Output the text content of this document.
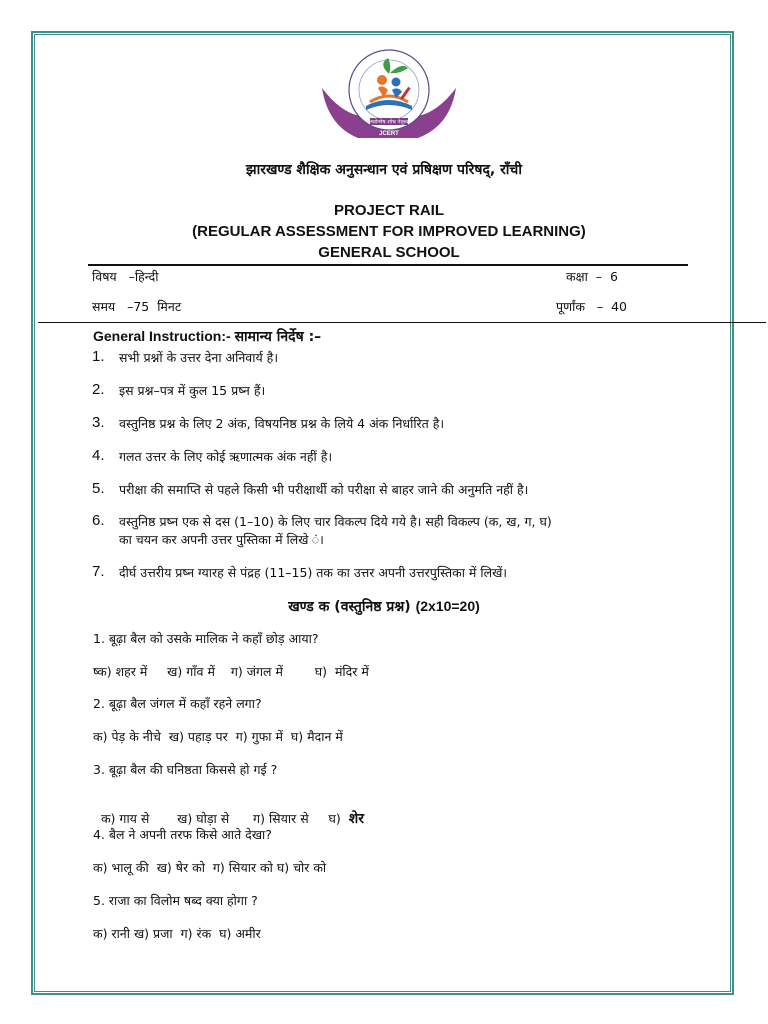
नवोन्मेष शोध नेतृत्व
JCERT
झारखण्ड शैक्षिक अनुसन्धान एवं प्रषिक्षण परिषद्, राँची
PROJECT RAIL
(REGULAR ASSESSMENT FOR IMPROVED LEARNING)
GENERAL SCHOOL
विषय   –हिन्दी	कक्षा  –  6
समय   –75  मिनट	पूर्णांक   –  40
General Instruction:- सामान्य निर्देष :–
1. सभी प्रश्नों के उत्तर देना अनिवार्य है।
2. इस प्रश्न–पत्र में कुल 15 प्रष्न हैं।
3. वस्तुनिष्ठ प्रश्न के लिए 2 अंक, विषयनिष्ठ प्रश्न के लिये 4 अंक निर्धारित है।
4. गलत उत्तर के लिए कोई ऋणात्मक अंक नहीं है।
5. परीक्षा की समाप्ति से पहले किसी भी परीक्षार्थी को परीक्षा से बाहर जाने की अनुमति नहीं है।
6. वस्तुनिष्ठ प्रष्न एक से दस (1–10) के लिए चार विकल्प दिये गये है। सही विकल्प (क, ख, ग, घ)
का चयन कर अपनी उत्तर पुस्तिका में लिखे ं।
7. दीर्घ उत्तरीय प्रष्न ग्यारह से पंद्रह (11–15) तक का उत्तर अपनी उत्तरपुस्तिका में लिखें।
खण्ड क (वस्तुनिष्ठ प्रश्न) (2x10=20)
1. बूढ़ा बैल को उसके मालिक ने कहाँ छोड़ आया?
ष्क) शहर में     ख) गाँव में    ग) जंगल में        घ)  मंदिर में
2. बूढ़ा बैल जंगल में कहाँ रहने लगा?
क) पेड़ के नीचे  ख) पहाड़ पर  ग) गुफा में  घ) मैदान में
3. बूढ़ा बैल की घनिष्ठता किससे हो गई ?

क) गाय से       ख) घोड़ा से      ग) सियार से     घ)  शेर

4. बैल ने अपनी तरफ किसे आते देखा?
क) भालू की  ख) षेर को  ग) सियार को घ) चोर को
5. राजा का विलोम षब्द क्या होगा ?
क) रानी ख) प्रजा  ग) रंक  घ) अमीर
